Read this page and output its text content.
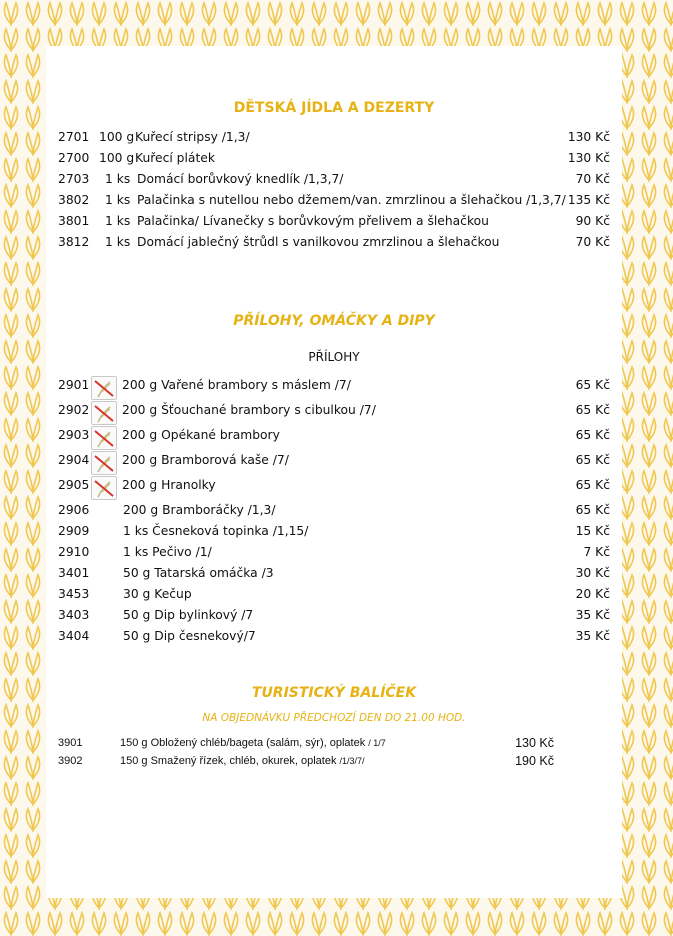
DĚTSKÁ JÍDLA A DEZERTY
2701 100 g Kuřecí stripsy /1,3/	130 Kč
2700 100 g Kuřecí plátek	130 Kč
2703 1 ks Domácí borůvkový knedlík /1,3,7/	70 Kč
3802 1 ks Palačinka s nutellou nebo džemem/van. zmrzlinou a šlehačkou /1,3,7/ 135 Kč
3801 1 ks Palačinka/ Lívanečky s borůvkovým přelivem a šlehačkou	90 Kč
3812 1 ks Domácí jablečný štrůdl s vanilkovou zmrzlinou a šlehačkou	70 Kč
PŘÍLOHY, OMÁČKY A DIPY
PŘÍLOHY
2901	200 g Vařené brambory s máslem /7/	65 Kč
2902	200 g Šťouchané brambory s cibulkou /7/	65 Kč
2903	200 g Opékané brambory	65 Kč
2904	200 g Bramborová kaše /7/	65 Kč
2905	200 g Hranolky	65 Kč
2906	200 g Bramboráčky /1,3/	65 Kč
2909	1 ks Česneková topinka /1,15/	15 Kč
2910	1 ks Pečivo /1/	7 Kč
3401	50 g Tatarská omáčka /3	30 Kč
3453	30 g Kečup	20 Kč
3403	50 g Dip bylinkový /7	35 Kč
3404	50 g Dip česnekový/7	35 Kč
TURISTICKÝ BALÍČEK
NA OBJEDNÁVKU PŘEDCHOZÍ DEN DO 21.00 HOD.
3901	150 g Obložený chléb/bageta (salám, sýr), oplatek / 1/7	130 Kč
3902	150 g Smažený řízek, chléb, okurek, oplatek /1/3/7/	190 Kč
